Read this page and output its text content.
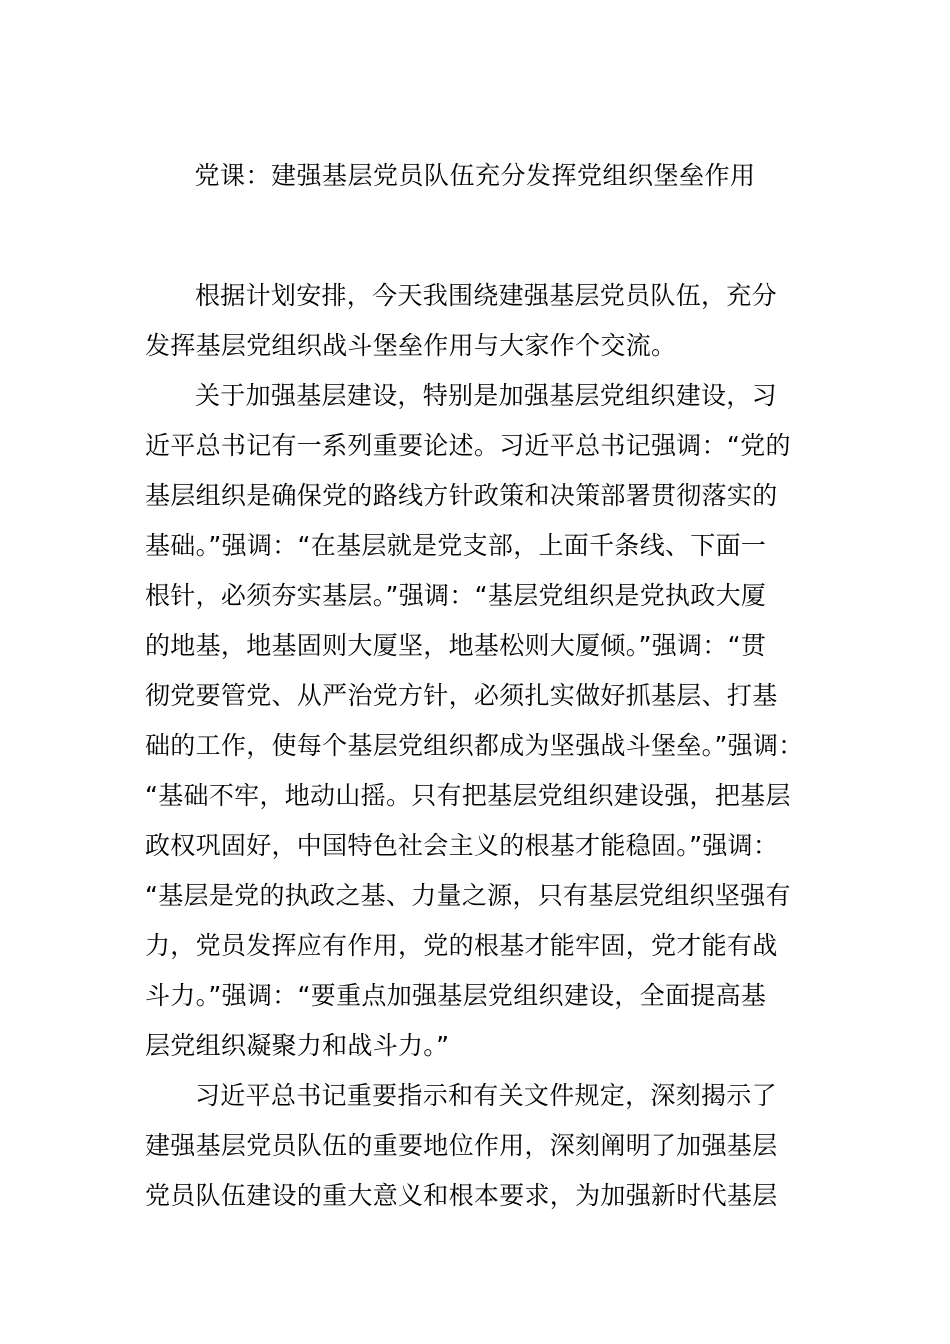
党课：建强基层党员队伍充分发挥党组织堡垒作用
根据计划安排，今天我围绕建强基层党员队伍，充分
发挥基层党组织战斗堡垒作用与大家作个交流。
关于加强基层建设，特别是加强基层党组织建设，习
近平总书记有一系列重要论述。习近平总书记强调：“党的
基层组织是确保党的路线方针政策和决策部署贯彻落实的
基础。”强调：“在基层就是党支部，上面千条线、下面一
根针，必须夯实基层。”强调：“基层党组织是党执政大厦
的地基，地基固则大厦坚，地基松则大厦倾。”强调：“贯
彻党要管党、从严治党方针，必须扎实做好抓基层、打基
础的工作，使每个基层党组织都成为坚强战斗堡垒。”强调：
“基础不牢，地动山摇。只有把基层党组织建设强，把基层
政权巩固好，中国特色社会主义的根基才能稳固。”强调：
“基层是党的执政之基、力量之源，只有基层党组织坚强有
力，党员发挥应有作用，党的根基才能牢固，党才能有战
斗力。”强调：“要重点加强基层党组织建设，全面提高基
层党组织凝聚力和战斗力。”
习近平总书记重要指示和有关文件规定，深刻揭示了
建强基层党员队伍的重要地位作用，深刻阐明了加强基层
党员队伍建设的重大意义和根本要求，为加强新时代基层
